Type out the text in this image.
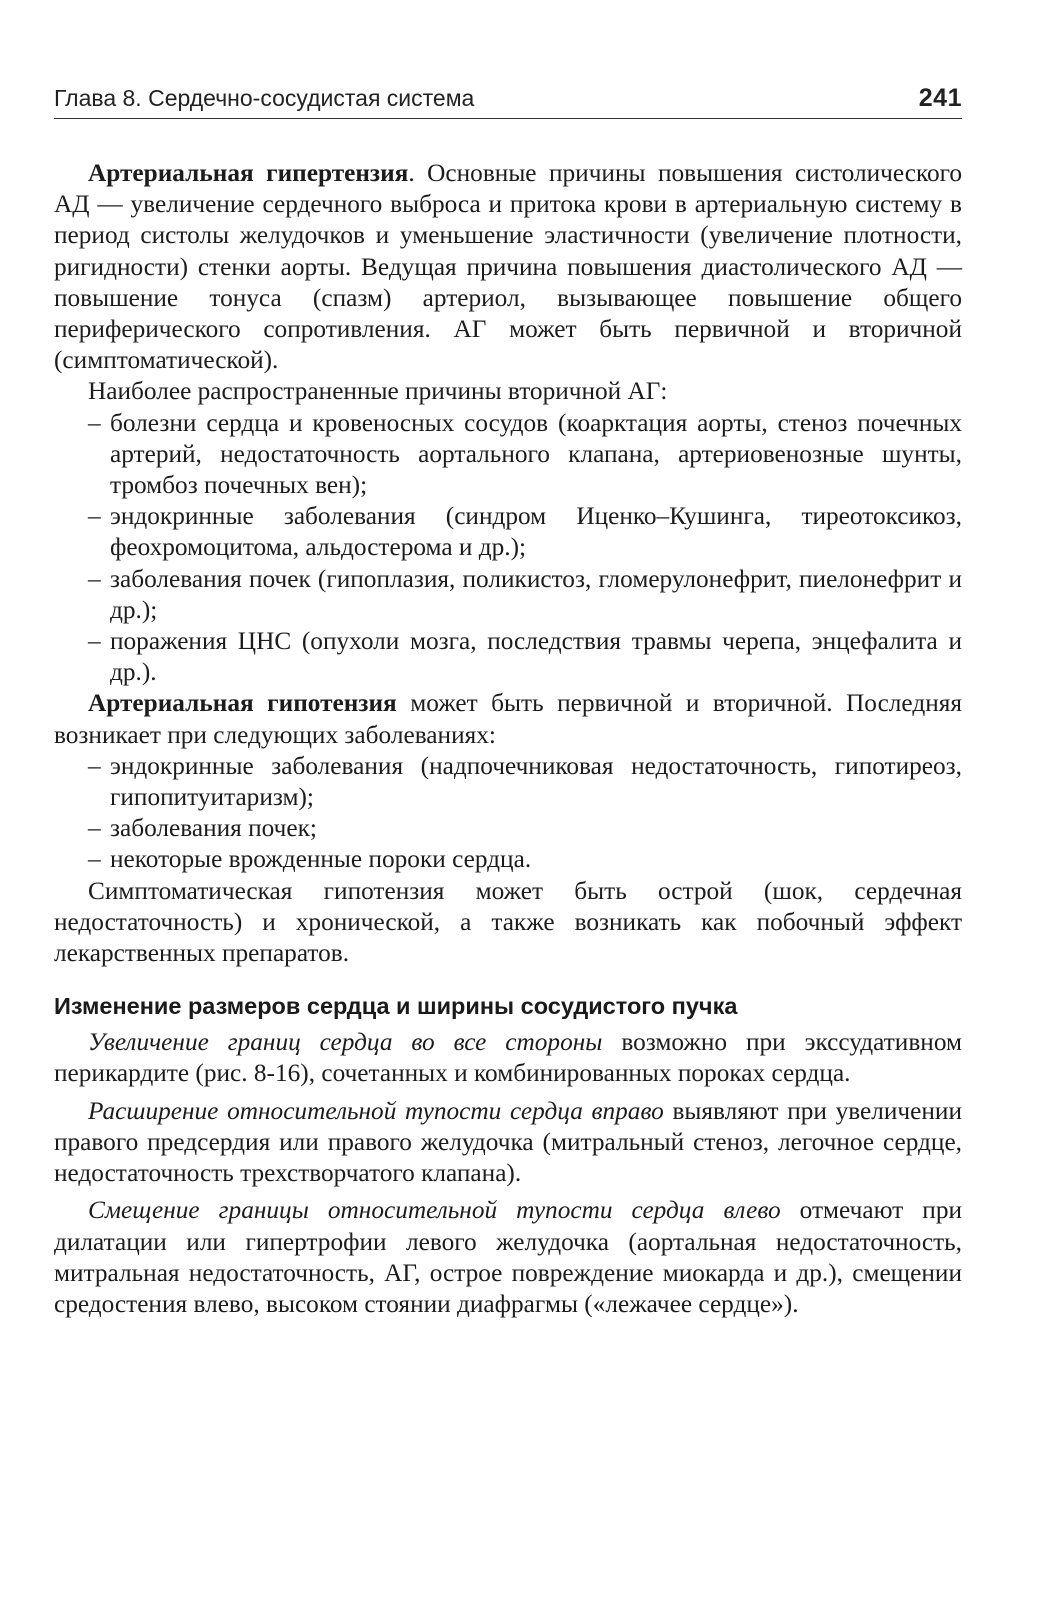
Глава 8. Сердечно-сосудистая система	241

Артериальная гипертензия. Основные причины повышения систолического АД — увеличение сердечного выброса и притока крови в артериальную систему в период систолы желудочков и уменьшение эластичности (увеличение плотности, ригидности) стенки аорты. Ведущая причина повышения диастолического АД — повышение тонуса (спазм) артериол, вызывающее повышение общего периферического сопротивления. АГ может быть первичной и вторичной (симптоматической).

Наиболее распространенные причины вторичной АГ:

– болезни сердца и кровеносных сосудов (коарктация аорты, стеноз почечных артерий, недостаточность аортального клапана, артериовенозные шунты, тромбоз почечных вен);
– эндокринные заболевания (синдром Иценко–Кушинга, тиреотоксикоз, феохромоцитома, альдостерома и др.);
– заболевания почек (гипоплазия, поликистоз, гломерулонефрит, пиелонефрит и др.);
– поражения ЦНС (опухоли мозга, последствия травмы черепа, энцефалита и др.).

Артериальная гипотензия может быть первичной и вторичной. Последняя возникает при следующих заболеваниях:

– эндокринные заболевания (надпочечниковая недостаточность, гипотиреоз, гипопитуитаризм);
– заболевания почек;
– некоторые врожденные пороки сердца.

Симптоматическая гипотензия может быть острой (шок, сердечная недостаточность) и хронической, а также возникать как побочный эффект лекарственных препаратов.

Изменение размеров сердца и ширины сосудистого пучка

Увеличение границ сердца во все стороны возможно при экссудативном перикардите (рис. 8-16), сочетанных и комбинированных пороках сердца.

Расширение относительной тупости сердца вправо выявляют при увеличении правого предсердия или правого желудочка (митральный стеноз, легочное сердце, недостаточность трехстворчатого клапана).

Смещение границы относительной тупости сердца влево отмечают при дилатации или гипертрофии левого желудочка (аортальная недостаточность, митральная недостаточность, АГ, острое повреждение миокарда и др.), смещении средостения влево, высоком стоянии диафрагмы («лежачее сердце»).
